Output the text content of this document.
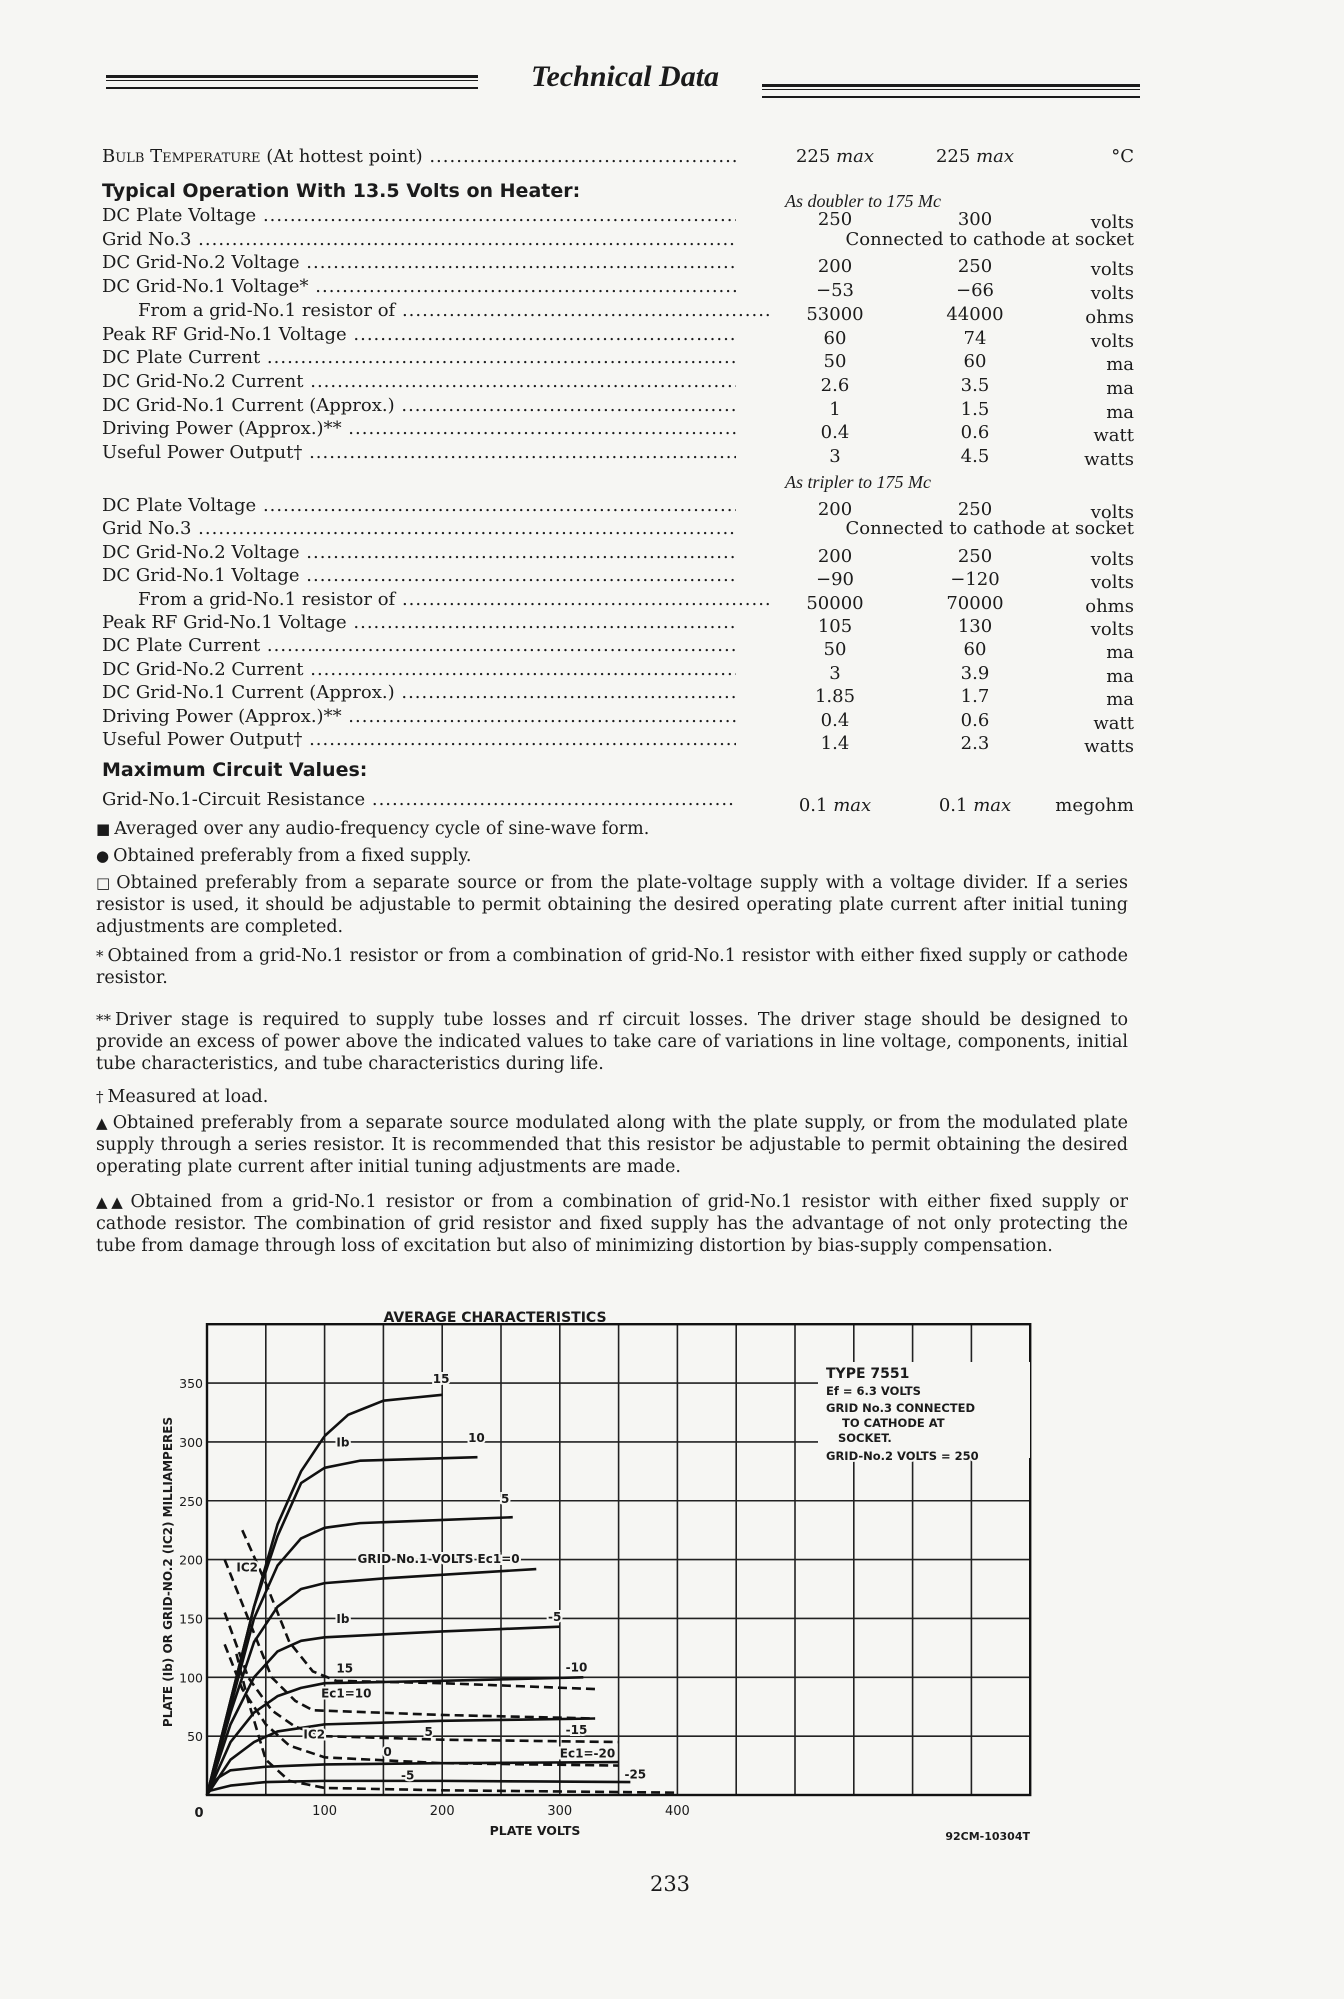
Technical Data
Bulb Temperature (At hottest point) .....	225 max	225 max	°C
Typical Operation With 13.5 Volts on Heater:	As doubler to 175 Mc
DC Plate Voltage .....	250	300	volts
Grid No.3 .....	Connected to cathode at socket
DC Grid-No.2 Voltage .....	200	250	volts
DC Grid-No.1 Voltage* .....	−53	−66	volts
From a grid-No.1 resistor of .....	53000	44000	ohms
Peak RF Grid-No.1 Voltage .....	60	74	volts
DC Plate Current .....	50	60	ma
DC Grid-No.2 Current .....	2.6	3.5	ma
DC Grid-No.1 Current (Approx.) .....	1	1.5	ma
Driving Power (Approx.)** .....	0.4	0.6	watt
Useful Power Output† .....	3	4.5	watts
As tripler to 175 Mc
DC Plate Voltage .....	200	250	volts
Grid No.3 .....	Connected to cathode at socket
DC Grid-No.2 Voltage .....	200	250	volts
DC Grid-No.1 Voltage .....	−90	−120	volts
From a grid-No.1 resistor of .....	50000	70000	ohms
Peak RF Grid-No.1 Voltage .....	105	130	volts
DC Plate Current .....	50	60	ma
DC Grid-No.2 Current .....	3	3.9	ma
DC Grid-No.1 Current (Approx.) .....	1.85	1.7	ma
Driving Power (Approx.)** .....	0.4	0.6	watt
Useful Power Output† .....	1.4	2.3	watts
Maximum Circuit Values:
Grid-No.1-Circuit Resistance .....	0.1 max	0.1 max	megohm
■ Averaged over any audio-frequency cycle of sine-wave form.
● Obtained preferably from a fixed supply.
□ Obtained preferably from a separate source or from the plate-voltage supply with a voltage divider. If a series resistor is used, it should be adjustable to permit obtaining the desired operating plate current after initial tuning adjustments are completed.
* Obtained from a grid-No.1 resistor or from a combination of grid-No.1 resistor with either fixed supply or cathode resistor.
** Driver stage is required to supply tube losses and rf circuit losses. The driver stage should be designed to provide an excess of power above the indicated values to take care of variations in line voltage, components, initial tube characteristics, and tube characteristics during life.
† Measured at load.
▲ Obtained preferably from a separate source modulated along with the plate supply, or from the modulated plate supply through a series resistor. It is recommended that this resistor be adjustable to permit obtaining the desired operating plate current after initial tuning adjustments are made.
▲▲ Obtained from a grid-No.1 resistor or from a combination of grid-No.1 resistor with either fixed supply or cathode resistor. The combination of grid resistor and fixed supply has the advantage of not only protecting the tube from damage through loss of excitation but also of minimizing distortion by bias-supply compensation.
AVERAGE CHARACTERISTICS
0
50
100
150
200
250
300
350
100	200	300	400
PLATE VOLTS
PLATE (Ib) OR GRID-NO.2 (IC2) MILLIAMPERES
92CM-10304T
TYPE 7551
Ef = 6.3 VOLTS
GRID No.3 CONNECTED
TO CATHODE AT
SOCKET.
GRID-No.2 VOLTS = 250
15
10
5
GRID-No.1 VOLTS Ec1=0
-5
-10
-15
Ec1=-20
-25
Ib
Ib
IC2
IC2
15
Ec1=10
5
0
-5
233
